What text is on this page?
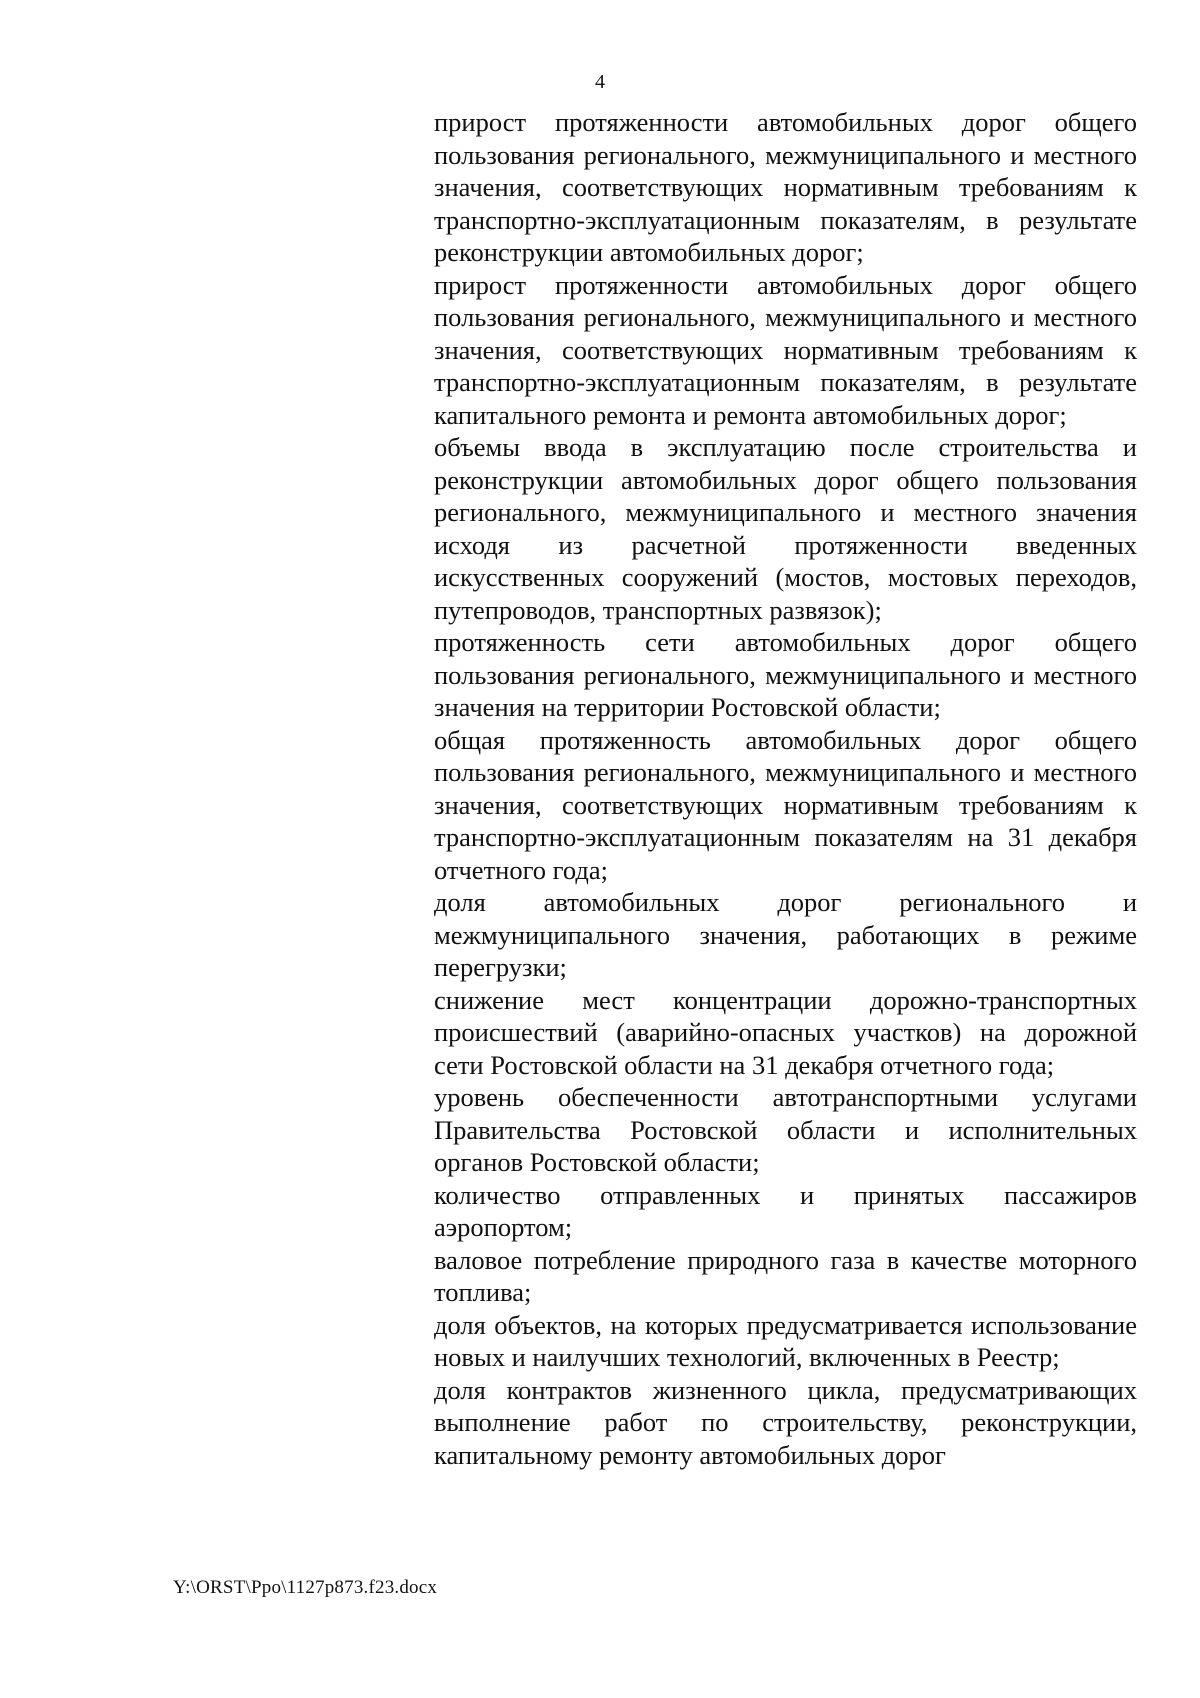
4

прирост протяженности автомобильных дорог общего пользования регионального, межмуниципального и местного значения, соответствующих нормативным требованиям к транспортно-эксплуатационным показателям, в результате реконструкции автомобильных дорог;

прирост протяженности автомобильных дорог общего пользования регионального, межмуниципального и местного значения, соответствующих нормативным требованиям к транспортно-эксплуатационным показателям, в результате капитального ремонта и ремонта автомобильных дорог;

объемы ввода в эксплуатацию после строительства и реконструкции автомобильных дорог общего пользования регионального, межмуниципального и местного значения исходя из расчетной протяженности введенных искусственных сооружений (мостов, мостовых переходов, путепроводов, транспортных развязок);

протяженность сети автомобильных дорог общего пользования регионального, межмуниципального и местного значения на территории Ростовской области;

общая протяженность автомобильных дорог общего пользования регионального, межмуниципального и местного значения, соответствующих нормативным требованиям к транспортно-эксплуатационным показателям на 31 декабря отчетного года;

доля автомобильных дорог регионального и межмуниципального значения, работающих в режиме перегрузки;

снижение мест концентрации дорожно-транспортных происшествий (аварийно-опасных участков) на дорожной сети Ростовской области на 31 декабря отчетного года;

уровень обеспеченности автотранспортными услугами Правительства Ростовской области и исполнительных органов Ростовской области;

количество отправленных и принятых пассажиров аэропортом;

валовое потребление природного газа в качестве моторного топлива;

доля объектов, на которых предусматривается использование новых и наилучших технологий, включенных в Реестр;

доля контрактов жизненного цикла, предусматривающих выполнение работ по строительству, реконструкции, капитальному ремонту автомобильных дорог

Y:\ORST\Ppo\1127p873.f23.docx
